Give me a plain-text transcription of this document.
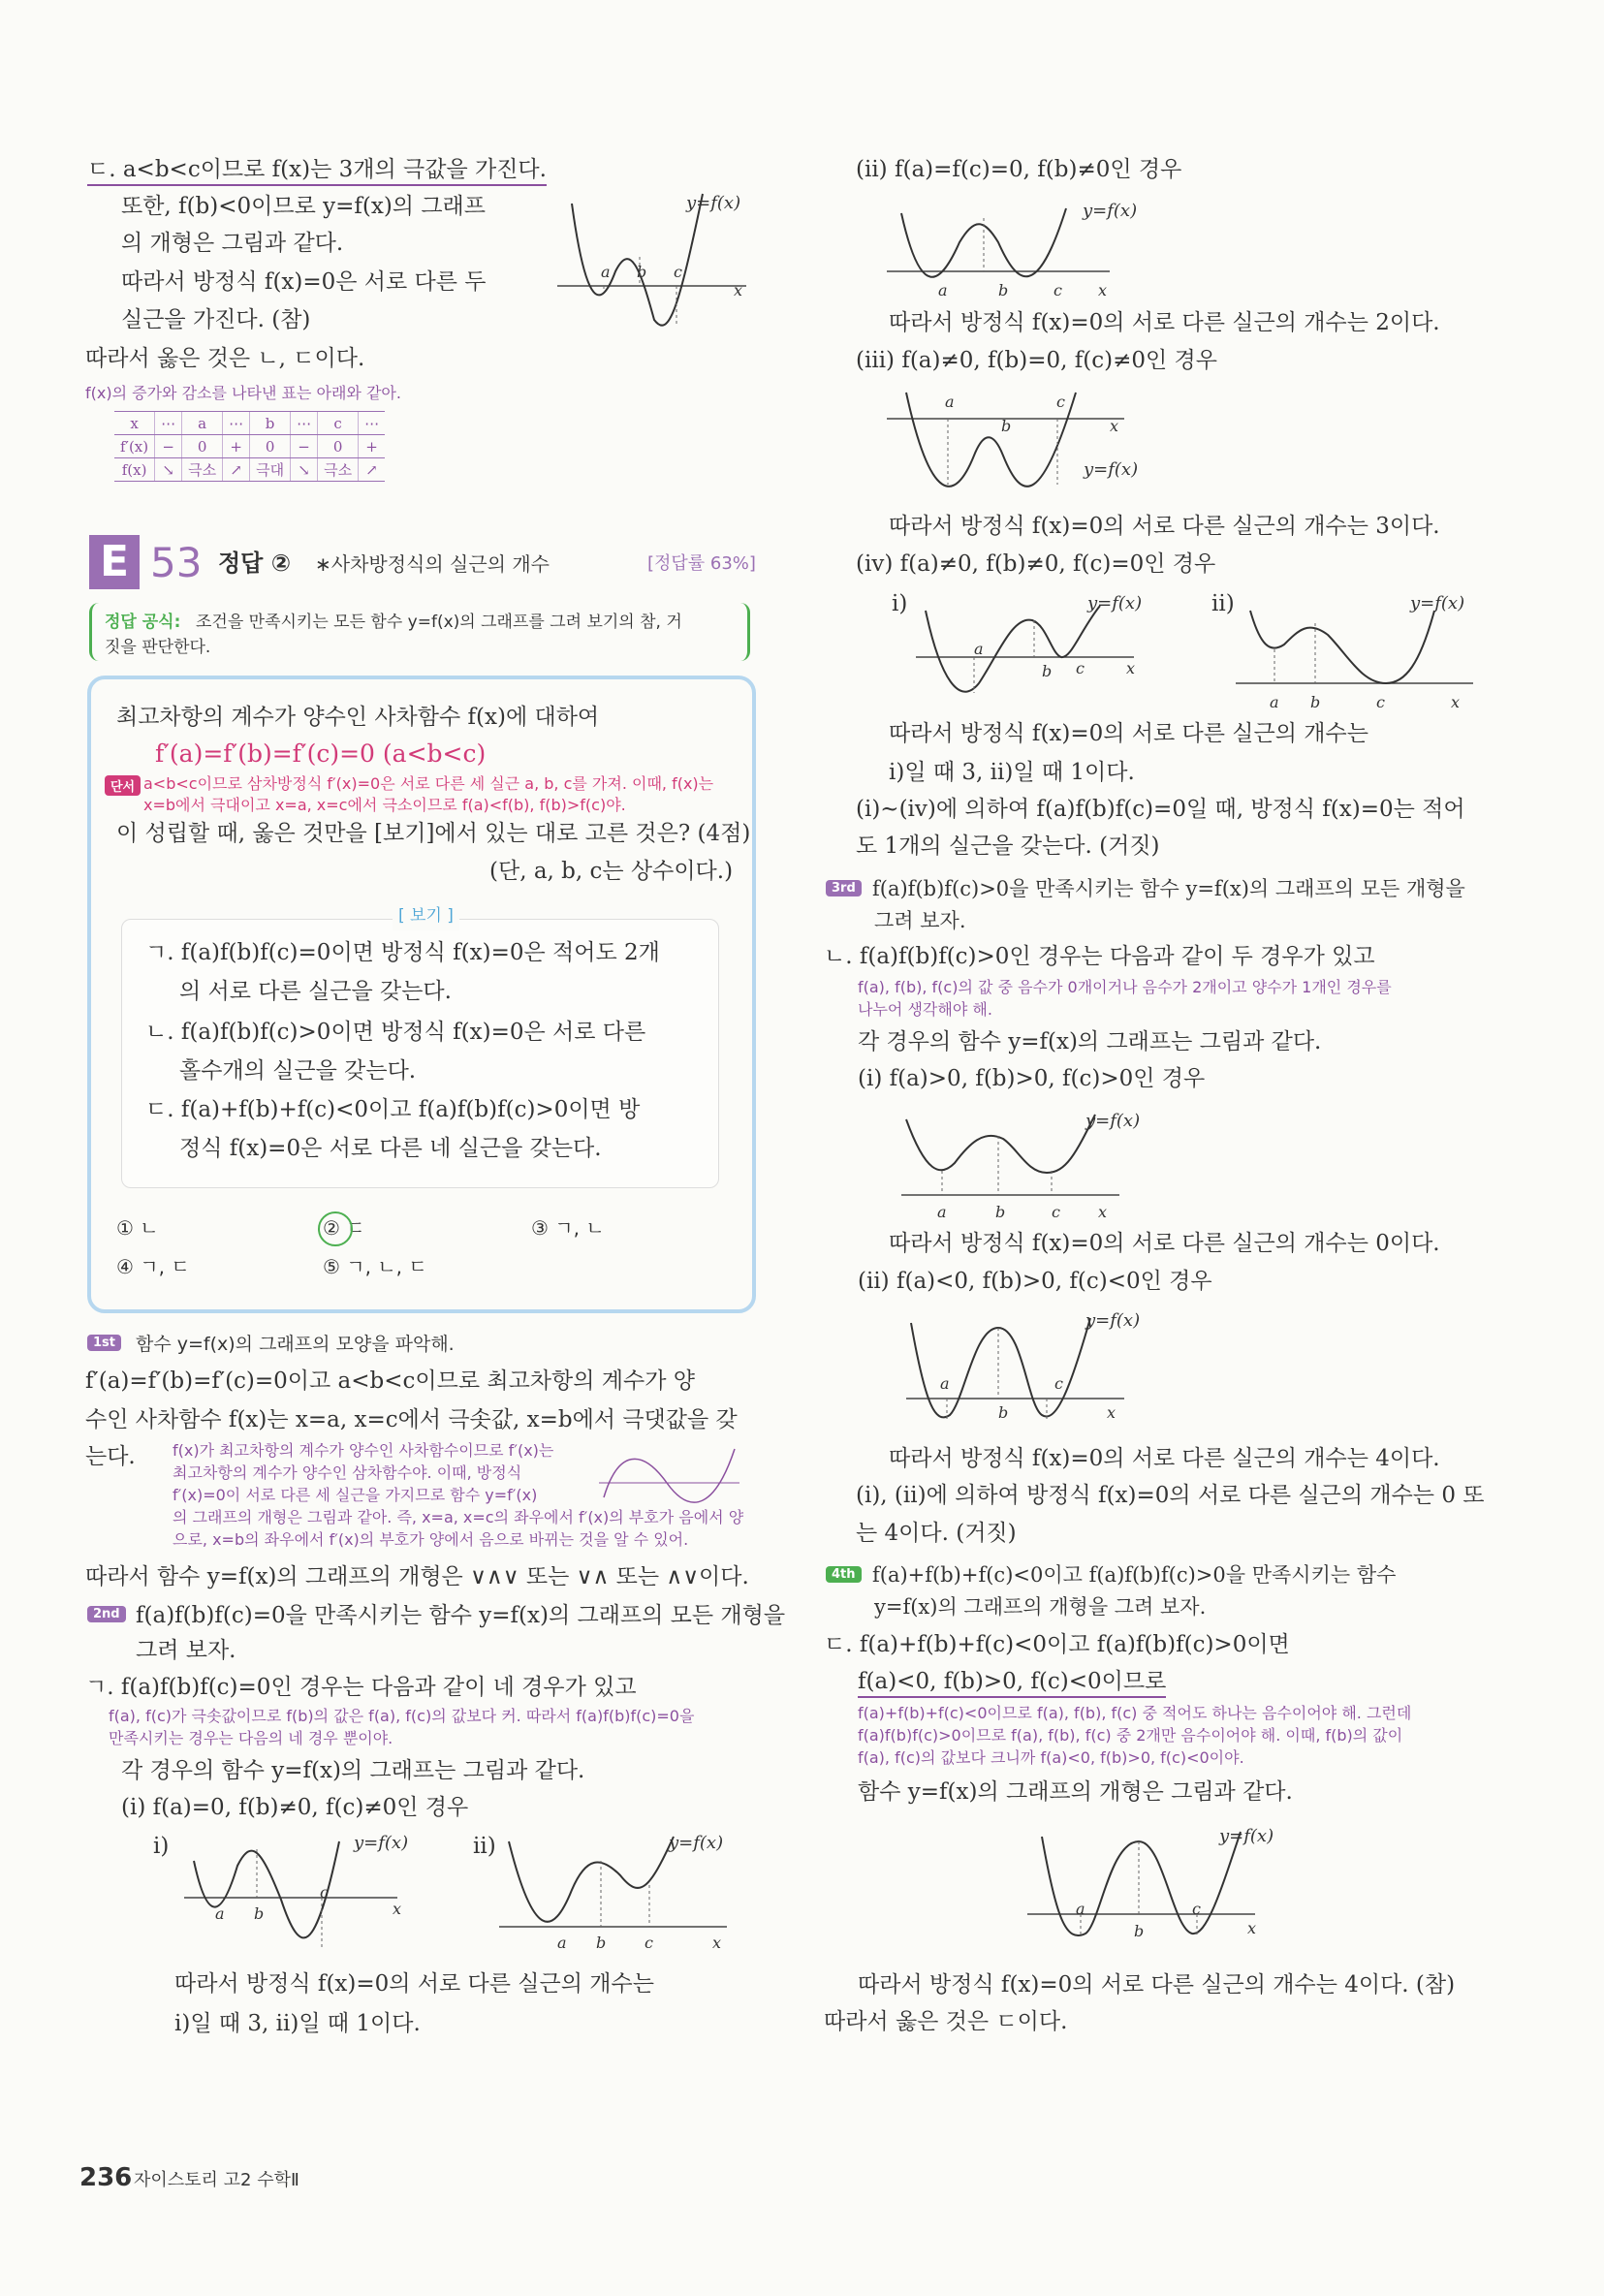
ㄷ. a<b<c이므로 f(x)는 3개의 극값을 가진다.
또한, f(b)<0이므로 y=f(x)의 그래프
의 개형은 그림과 같다.
따라서 방정식 f(x)=0은 서로 다른 두
실근을 가진다. (참)
y=f(x)
a b c
x
따라서 옳은 것은 ㄴ, ㄷ이다.
f(x)의 증가와 감소를 나타낸 표는 아래와 같아.
x	⋯	a	⋯	b	⋯	c	⋯
f′(x)	−	0	+	0	−	0	+
f(x)	↘	극소	↗	극대	↘	극소	↗
E 53 정답 ② ∗사차방정식의 실근의 개수	[정답률 63%]
정답 공식: 조건을 만족시키는 모든 함수 y=f(x)의 그래프를 그려 보기의 참, 거
짓을 판단한다.
최고차항의 계수가 양수인 사차함수 f(x)에 대하여
f′(a)=f′(b)=f′(c)=0 (a<b<c)
단서 a<b<c이므로 삼차방정식 f′(x)=0은 서로 다른 세 실근 a, b, c를 가져. 이때, f(x)는
x=b에서 극대이고 x=a, x=c에서 극소이므로 f(a)<f(b), f(b)>f(c)야.
이 성립할 때, 옳은 것만을 [보기]에서 있는 대로 고른 것은? (4점)
(단, a, b, c는 상수이다.)
[ 보기 ]
ㄱ. f(a)f(b)f(c)=0이면 방정식 f(x)=0은 적어도 2개
의 서로 다른 실근을 갖는다.
ㄴ. f(a)f(b)f(c)>0이면 방정식 f(x)=0은 서로 다른
홀수개의 실근을 갖는다.
ㄷ. f(a)+f(b)+f(c)<0이고 f(a)f(b)f(c)>0이면 방
정식 f(x)=0은 서로 다른 네 실근을 갖는다.
① ㄴ	② ㄷ	③ ㄱ, ㄴ
④ ㄱ, ㄷ	⑤ ㄱ, ㄴ, ㄷ
1st	함수 y=f(x)의 그래프의 모양을 파악해.
f′(a)=f′(b)=f′(c)=0이고 a<b<c이므로 최고차항의 계수가 양
수인 사차함수 f(x)는 x=a, x=c에서 극솟값, x=b에서 극댓값을 갖
는다. f(x)가 최고차항의 계수가 양수인 사차함수이므로 f′(x)는
최고차항의 계수가 양수인 삼차함수야. 이때, 방정식
f′(x)=0이 서로 다른 세 실근을 가지므로 함수 y=f′(x)
의 그래프의 개형은 그림과 같아. 즉, x=a, x=c의 좌우에서 f′(x)의 부호가 음에서 양
으로, x=b의 좌우에서 f′(x)의 부호가 양에서 음으로 바뀌는 것을 알 수 있어.
따라서 함수 y=f(x)의 그래프의 개형은 ∨∧∨ 또는 ∨∧ 또는 ∧∨이다.
2nd f(a)f(b)f(c)=0을 만족시키는 함수 y=f(x)의 그래프의 모든 개형을
그려 보자.
ㄱ. f(a)f(b)f(c)=0인 경우는 다음과 같이 네 경우가 있고
f(a), f(c)가 극솟값이므로 f(b)의 값은 f(a), f(c)의 값보다 커. 따라서 f(a)f(b)f(c)=0을
만족시키는 경우는 다음의 네 경우 뿐이야.
각 경우의 함수 y=f(x)의 그래프는 그림과 같다.
(ⅰ) f(a)=0, f(b)≠0, f(c)≠0인 경우
ⅰ)	ⅱ)
y=f(x)
a b
c
x
y=f(x)
a b c	x
따라서 방정식 f(x)=0의 서로 다른 실근의 개수는
ⅰ)일 때 3, ⅱ)일 때 1이다.
(ⅱ) f(a)=f(c)=0, f(b)≠0인 경우
y=f(x)
a	b	c x
따라서 방정식 f(x)=0의 서로 다른 실근의 개수는 2이다.
(ⅲ) f(a)≠0, f(b)=0, f(c)≠0인 경우
a
b
c
x
y=f(x)
따라서 방정식 f(x)=0의 서로 다른 실근의 개수는 3이다.
(ⅳ) f(a)≠0, f(b)≠0, f(c)=0인 경우
ⅰ)	ⅱ)
y=f(x)
a
b c	x
y=f(x)
a b	c	x
따라서 방정식 f(x)=0의 서로 다른 실근의 개수는
ⅰ)일 때 3, ⅱ)일 때 1이다.
(ⅰ)~(ⅳ)에 의하여 f(a)f(b)f(c)=0일 때, 방정식 f(x)=0는 적어
도 1개의 실근을 갖는다. (거짓)
3rd f(a)f(b)f(c)>0을 만족시키는 함수 y=f(x)의 그래프의 모든 개형을
그려 보자.
ㄴ. f(a)f(b)f(c)>0인 경우는 다음과 같이 두 경우가 있고
f(a), f(b), f(c)의 값 중 음수가 0개이거나 음수가 2개이고 양수가 1개인 경우를
나누어 생각해야 해.
각 경우의 함수 y=f(x)의 그래프는 그림과 같다.
(ⅰ) f(a)>0, f(b)>0, f(c)>0인 경우
y=f(x)
a	b	c x
따라서 방정식 f(x)=0의 서로 다른 실근의 개수는 0이다.
(ⅱ) f(a)<0, f(b)>0, f(c)<0인 경우
y=f(x)
a
b
c
x
따라서 방정식 f(x)=0의 서로 다른 실근의 개수는 4이다.
(ⅰ), (ⅱ)에 의하여 방정식 f(x)=0의 서로 다른 실근의 개수는 0 또
는 4이다. (거짓)
4th f(a)+f(b)+f(c)<0이고 f(a)f(b)f(c)>0을 만족시키는 함수
y=f(x)의 그래프의 개형을 그려 보자.
ㄷ. f(a)+f(b)+f(c)<0이고 f(a)f(b)f(c)>0이면
f(a)<0, f(b)>0, f(c)<0이므로
f(a)+f(b)+f(c)<0이므로 f(a), f(b), f(c) 중 적어도 하나는 음수이어야 해. 그런데
f(a)f(b)f(c)>0이므로 f(a), f(b), f(c) 중 2개만 음수이어야 해. 이때, f(b)의 값이
f(a), f(c)의 값보다 크니까 f(a)<0, f(b)>0, f(c)<0이야.
함수 y=f(x)의 그래프의 개형은 그림과 같다.
y=f(x)
a
b
c
x
따라서 방정식 f(x)=0의 서로 다른 실근의 개수는 4이다. (참)
따라서 옳은 것은 ㄷ이다.
236 자이스토리 고2 수학Ⅱ
